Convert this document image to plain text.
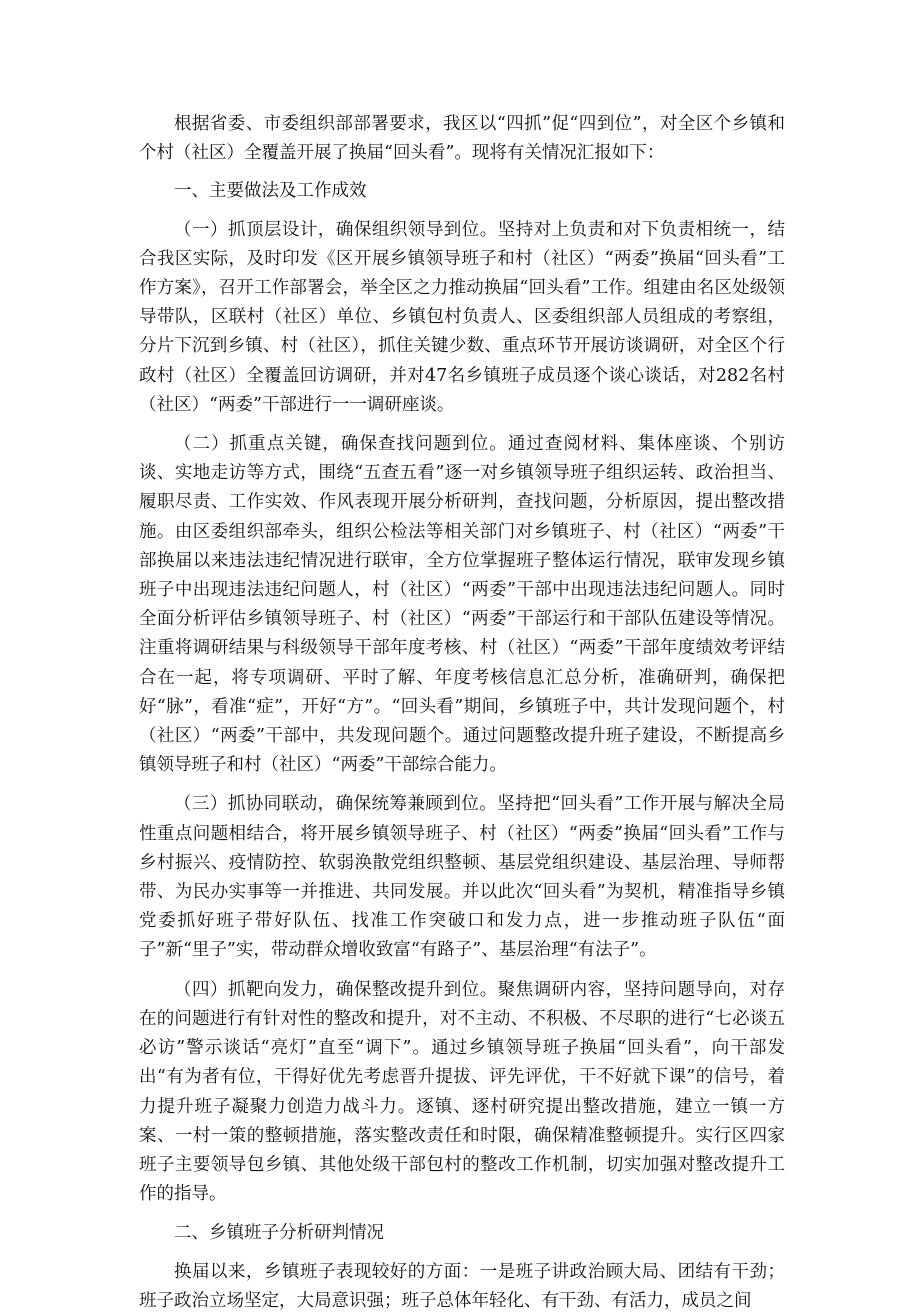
根据省委、市委组织部部署要求，我区以“四抓”促“四到位”，对全区个乡镇和个村（社区）全覆盖开展了换届“回头看”。现将有关情况汇报如下：

一、主要做法及工作成效

（一）抓顶层设计，确保组织领导到位。坚持对上负责和对下负责相统一，结合我区实际，及时印发《区开展乡镇领导班子和村（社区）“两委”换届“回头看”工作方案》，召开工作部署会，举全区之力推动换届“回头看”工作。组建由名区处级领导带队，区联村（社区）单位、乡镇包村负责人、区委组织部人员组成的考察组，分片下沉到乡镇、村（社区），抓住关键少数、重点环节开展访谈调研，对全区个行政村（社区）全覆盖回访调研，并对47名乡镇班子成员逐个谈心谈话，对282名村（社区）“两委”干部进行一一调研座谈。

（二）抓重点关键，确保查找问题到位。通过查阅材料、集体座谈、个别访谈、实地走访等方式，围绕“五查五看”逐一对乡镇领导班子组织运转、政治担当、履职尽责、工作实效、作风表现开展分析研判，查找问题，分析原因，提出整改措施。由区委组织部牵头，组织公检法等相关部门对乡镇班子、村（社区）“两委”干部换届以来违法违纪情况进行联审，全方位掌握班子整体运行情况，联审发现乡镇班子中出现违法违纪问题人，村（社区）“两委”干部中出现违法违纪问题人。同时全面分析评估乡镇领导班子、村（社区）“两委”干部运行和干部队伍建设等情况。注重将调研结果与科级领导干部年度考核、村（社区）“两委”干部年度绩效考评结合在一起，将专项调研、平时了解、年度考核信息汇总分析，准确研判，确保把好“脉”，看准“症”，开好“方”。“回头看”期间，乡镇班子中，共计发现问题个，村（社区）“两委”干部中，共发现问题个。通过问题整改提升班子建设，不断提高乡镇领导班子和村（社区）“两委”干部综合能力。

（三）抓协同联动，确保统筹兼顾到位。坚持把“回头看”工作开展与解决全局性重点问题相结合，将开展乡镇领导班子、村（社区）“两委”换届“回头看”工作与乡村振兴、疫情防控、软弱涣散党组织整顿、基层党组织建设、基层治理、导师帮带、为民办实事等一并推进、共同发展。并以此次“回头看”为契机，精准指导乡镇党委抓好班子带好队伍、找准工作突破口和发力点，进一步推动班子队伍“面子”新“里子”实，带动群众增收致富“有路子”、基层治理“有法子”。

（四）抓靶向发力，确保整改提升到位。聚焦调研内容，坚持问题导向，对存在的问题进行有针对性的整改和提升，对不主动、不积极、不尽职的进行“七必谈五必访”警示谈话“亮灯”直至“调下”。通过乡镇领导班子换届“回头看”，向干部发出“有为者有位，干得好优先考虑晋升提拔、评先评优，干不好就下课”的信号，着力提升班子凝聚力创造力战斗力。逐镇、逐村研究提出整改措施，建立一镇一方案、一村一策的整顿措施，落实整改责任和时限，确保精准整顿提升。实行区四家班子主要领导包乡镇、其他处级干部包村的整改工作机制，切实加强对整改提升工作的指导。

二、乡镇班子分析研判情况

换届以来，乡镇班子表现较好的方面：一是班子讲政治顾大局、团结有干劲；班子政治立场坚定，大局意识强；班子总体年轻化、有干劲、有活力，成员之间
